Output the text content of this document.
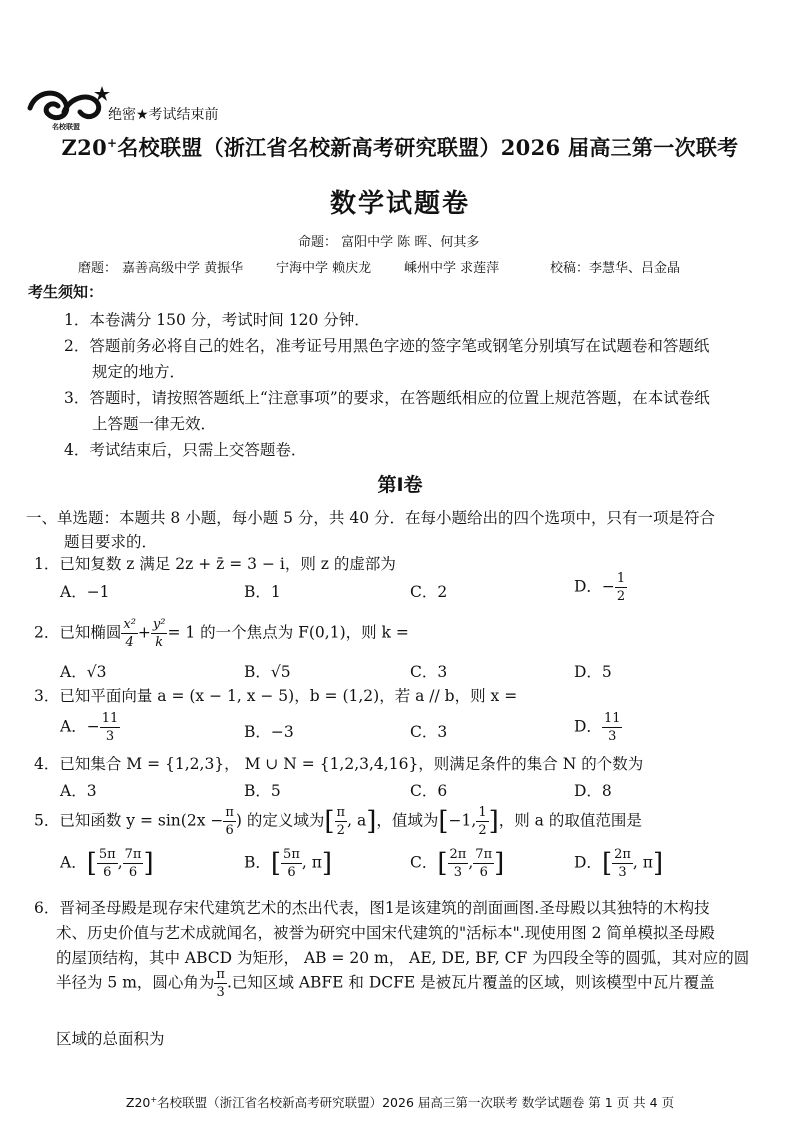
名校联盟
绝密★考试结束前
Z20+名校联盟（浙江省名校新高考研究联盟）2026 届高三第一次联考
数学试题卷
命题： 富阳中学 陈 晖、何其多
磨题： 嘉善高级中学 黄振华	宁海中学 赖庆龙	嵊州中学 求莲萍	校稿：李慧华、吕金晶
考生须知：
1．本卷满分 150 分，考试时间 120 分钟．
2．答题前务必将自己的姓名，准考证号用黑色字迹的签字笔或钢笔分别填写在试题卷和答题纸
规定的地方．
3．答题时，请按照答题纸上“注意事项”的要求，在答题纸相应的位置上规范答题，在本试卷纸
上答题一律无效．
4．考试结束后，只需上交答题卷．
第Ⅰ卷
一、单选题：本题共 8 小题，每小题 5 分，共 40 分．在每小题给出的四个选项中，只有一项是符合
题目要求的．
1．已知复数 z 满足 2z + z̄ = 3 − i，则 z 的虚部为
A．−1	B．1	C．2	D．− $\frac{1}{2}$
2．已知椭圆 $\frac{\text{x²}}{4} + \frac{\text{y²}}{k} = 1$ 的一个焦点为 F(0,1)，则 k =
A．√3	B．√5	C．3	D．5
3．已知平面向量 a = (x − 1, x − 5)，b = (1,2)，若 a // b，则 x =
A．− $\frac{11}{3}$	B．−3	C．3	D． $\frac{11}{3}$
4．已知集合 M = {1,2,3}， M ∪ N = {1,2,3,4,16}，则满足条件的集合 N 的个数为
A．3	B．5	C．6	D．8
5．已知函数 $y = \sin(2x - \frac{\pi}{6}$ ) 的定义域为[ $\frac{\pi}{2}$ , a]，值域为[−1, $\frac{1}{2}$ ]，则 a 的取值范围是
A．[ $\frac{5\pi}{6}$ , $\frac{7\pi}{6}$ ]	B．[ $\frac{5\pi}{6}$ , π]	C．[ $\frac{2\pi}{3}$ , $\frac{7\pi}{6}$ ]	D．[ $\frac{2\pi}{3}$ , π]
6．晋祠圣母殿是现存宋代建筑艺术的杰出代表，图1是该建筑的剖面画图.圣母殿以其独特的木构技
术、历史价值与艺术成就闻名，被誉为研究中国宋代建筑的"活标本".现使用图 2 简单模拟圣母殿
的屋顶结构，其中 ABCD 为矩形， AB = 20 m， AE, DE, BF, CF 为四段全等的圆弧，其对应的圆
半径为 5 m，圆心角为 $\frac{\pi}{3}$ .已知区域 ABFE 和 DCFE 是被瓦片覆盖的区域，则该模型中瓦片覆盖
区域的总面积为
Z20+名校联盟（浙江省名校新高考研究联盟）2026 届高三第一次联考 数学试题卷 第 1 页 共 4 页
